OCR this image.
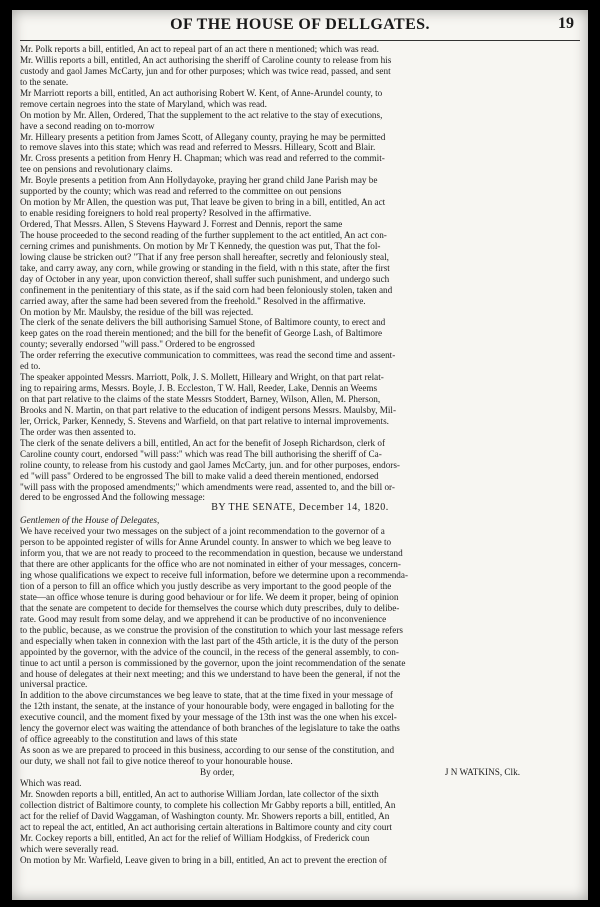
OF THE HOUSE OF DELLGATES.	19
Mr. Polk reports a bill, entitled, An act to repeal part of an act there n mentioned; which was read.
Mr. Willis reports a bill, entitled, An act authorising the sheriff of Caroline county to release from his
custody and gaol James McCarty, jun and for other purposes; which was twice read, passed, and sent
to the senate.
Mr Marriott reports a bill, entitled, An act authorising Robert W. Kent, of Anne-Arundel county, to
remove certain negroes into the state of Maryland, which was read.
On motion by Mr. Allen, Ordered, That the supplement to the act relative to the stay of executions,
have a second reading on to-morrow
Mr. Hilleary presents a petition from James Scott, of Allegany county, praying he may be permitted
to remove slaves into this state; which was read and referred to Messrs. Hilleary, Scott and Blair.
Mr. Cross presents a petition from Henry H. Chapman; which was read and referred to the commit-
tee on pensions and revolutionary claims.
Mr. Boyle presents a petition from Ann Hollydayoke, praying her grand child Jane Parish may be
supported by the county; which was read and referred to the committee on out pensions
On motion by Mr Allen, the question was put, That leave be given to bring in a bill, entitled, An act
to enable residing foreigners to hold real property? Resolved in the affirmative.
Ordered, That Messrs. Allen, S Stevens Hayward J. Forrest and Dennis, report the same
The house proceeded to the second reading of the further supplement to the act entitled, An act con-
cerning crimes and punishments. On motion by Mr T Kennedy, the question was put, That the fol-
lowing clause be stricken out? "That if any free person shall hereafter, secretly and feloniously steal,
take, and carry away, any corn, while growing or standing in the field, with n this state, after the first
day of October in any year, upon conviction thereof, shall suffer such punishment, and undergo such
confinement in the penitentiary of this state, as if the said corn had been feloniously stolen, taken and
carried away, after the same had been severed from the freehold." Resolved in the affirmative.
On motion by Mr. Maulsby, the residue of the bill was rejected.
The clerk of the senate delivers the bill authorising Samuel Stone, of Baltimore county, to erect and
keep gates on the road therein mentioned; and the bill for the benefit of George Lash, of Baltimore
county; severally endorsed "will pass." Ordered to be engrossed
The order referring the executive communication to committees, was read the second time and assent-
ed to.
The speaker appointed Messrs. Marriott, Polk, J. S. Mollett, Hilleary and Wright, on that part relat-
ing to repairing arms, Messrs. Boyle, J. B. Eccleston, T W. Hall, Reeder, Lake, Dennis an Weems
on that part relative to the claims of the state Messrs Stoddert, Barney, Wilson, Allen, M. Pherson,
Brooks and N. Martin, on that part relative to the education of indigent persons Messrs. Maulsby, Mil-
ler, Orrick, Parker, Kennedy, S. Stevens and Warfield, on that part relative to internal improvements.
The order was then assented to.
The clerk of the senate delivers a bill, entitled, An act for the benefit of Joseph Richardson, clerk of
Caroline county court, endorsed "will pass:" which was read The bill authorising the sheriff of Ca-
roline county, to release from his custody and gaol James McCarty, jun. and for other purposes, endors-
ed "will pass" Ordered to be engrossed The bill to make valid a deed therein mentioned, endorsed
"will pass with the proposed amendments;" which amendments were read, assented to, and the bill or-
dered to be engrossed And the following message:
BY THE SENATE, December 14, 1820.
Gentlemen of the House of Delegates,
We have received your two messages on the subject of a joint recommendation to the governor of a
person to be appointed register of wills for Anne Arundel county. In answer to which we beg leave to
inform you, that we are not ready to proceed to the recommendation in question, because we understand
that there are other applicants for the office who are not nominated in either of your messages, concern-
ing whose qualifications we expect to receive full information, before we determine upon a recommenda-
tion of a person to fill an office which you justly describe as very important to the good people of the
state—an office whose tenure is during good behaviour or for life. We deem it proper, being of opinion
that the senate are competent to decide for themselves the course which duty prescribes, duly to delibe-
rate. Good may result from some delay, and we apprehend it can be productive of no inconvenience
to the public, because, as we construe the provision of the constitution to which your last message refers
and especially when taken in connexion with the last part of the 45th article, it is the duty of the person
appointed by the governor, with the advice of the council, in the recess of the general assembly, to con-
tinue to act until a person is commissioned by the governor, upon the joint recommendation of the senate
and house of delegates at their next meeting; and this we understand to have been the general, if not the
universal practice.
In addition to the above circumstances we beg leave to state, that at the time fixed in your message of
the 12th instant, the senate, at the instance of your honourable body, were engaged in balloting for the
executive council, and the moment fixed by your message of the 13th inst was the one when his excel-
lency the governor elect was waiting the attendance of both branches of the legislature to take the oaths
of office agreeably to the constitution and laws of this state
As soon as we are prepared to proceed in this business, according to our sense of the constitution, and
our duty, we shall not fail to give notice thereof to your honourable house.
By order,	J N WATKINS, Clk.
Which was read.
Mr. Snowden reports a bill, entitled, An act to authorise William Jordan, late collector of the sixth
collection district of Baltimore county, to complete his collection Mr Gabby reports a bill, entitled, An
act for the relief of David Waggaman, of Washington county. Mr. Showers reports a bill, entitled, An
act to repeal the act, entitled, An act authorising certain alterations in Baltimore county and city court
Mr. Cockey reports a bill, entitled, An act for the relief of William Hodgkiss, of Frederick coun
which were severally read.
On motion by Mr. Warfield, Leave given to bring in a bill, entitled, An act to prevent the erection of
